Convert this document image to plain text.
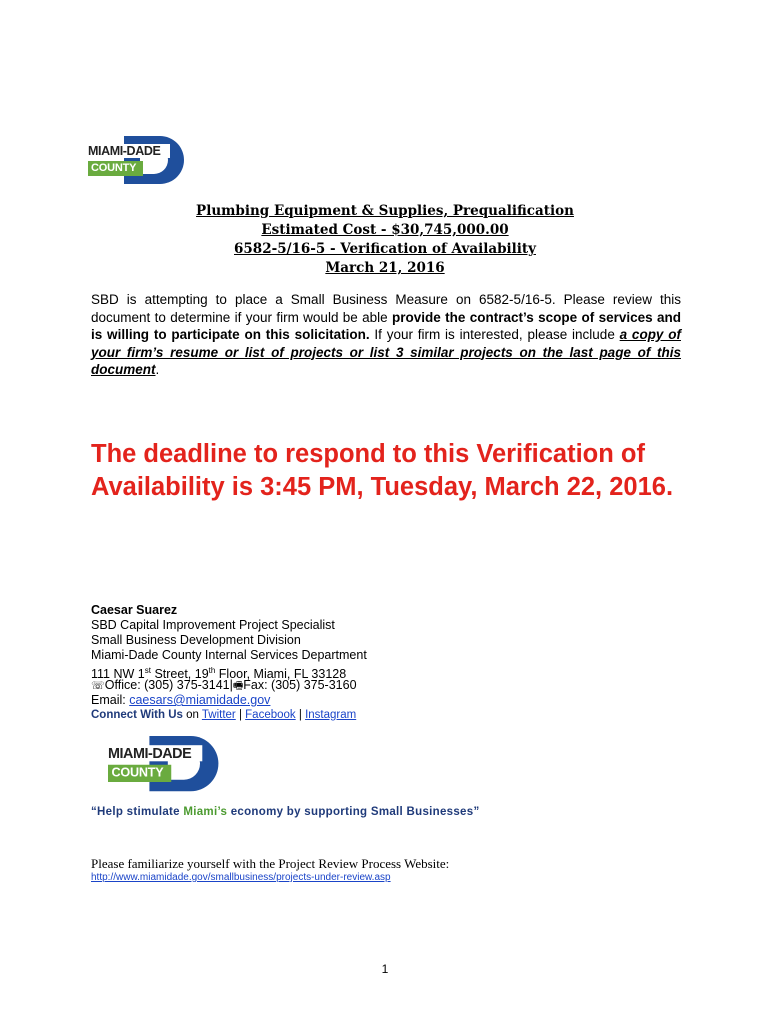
MIAMI-DADE
COUNTY
Plumbing Equipment & Supplies, Prequalification
Estimated Cost - $30,745,000.00
6582-5/16-5 - Verification of Availability
March 21, 2016
SBD is attempting to place a Small Business Measure on 6582-5/16-5. Please review this document to determine if your firm would be able provide the contract’s scope of services and is willing to participate on this solicitation. If your firm is interested, please include a copy of your firm’s resume or list of projects or list 3 similar projects on the last page of this document.
The deadline to respond to this Verification of Availability is 3:45 PM, Tuesday, March 22, 2016.
Caesar Suarez
SBD Capital Improvement Project Specialist
Small Business Development Division
Miami-Dade County Internal Services Department
111 NW 1st Street, 19th Floor, Miami, FL 33128
☏Office: (305) 375-3141|🖷Fax: (305) 375-3160
Email: caesars@miamidade.gov
Connect With Us on Twitter | Facebook | Instagram
MIAMI-DADE
COUNTY
“Help stimulate Miami’s economy by supporting Small Businesses”
Please familiarize yourself with the Project Review Process Website:
http://www.miamidade.gov/smallbusiness/projects-under-review.asp
1
